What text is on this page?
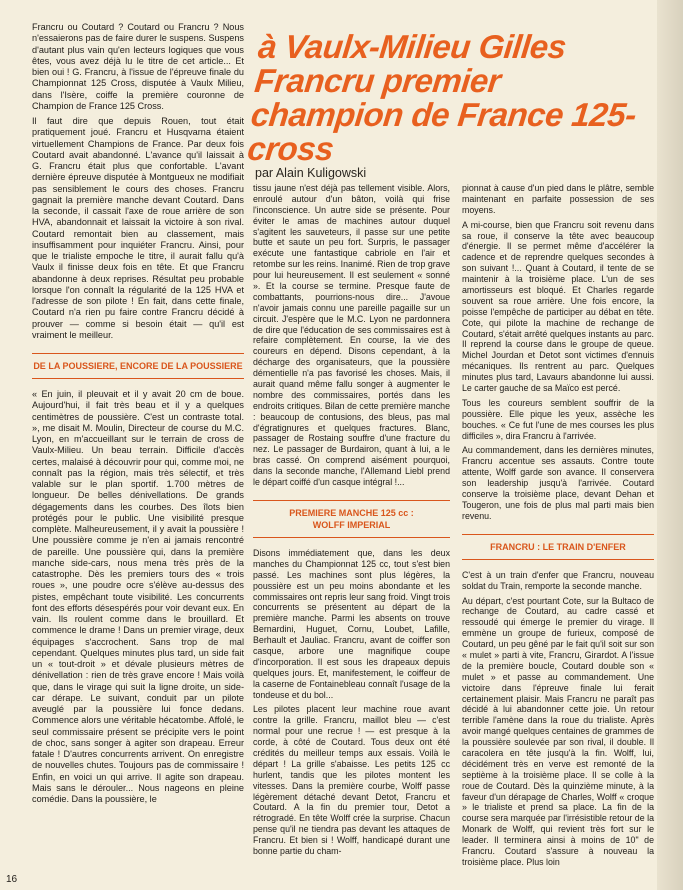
Francru ou Coutard ? Coutard ou Francru ? Nous n'essaierons pas de faire durer le suspens. Suspens d'autant plus vain qu'en lecteurs logiques que vous êtes, vous avez déjà lu le titre de cet article... Et bien oui ! G. Francru, à l'issue de l'épreuve finale du Championnat 125 Cross, disputée à Vaulx Milieu, dans l'Isère, coiffe la première couronne de Champion de France 125 Cross.

Il faut dire que depuis Rouen, tout était pratiquement joué. Francru et Husqvarna étaient virtuellement Champions de France. Par deux fois Coutard avait abandonné. L'avance qu'il laissait à G. Francru était plus que confortable. L'avant dernière épreuve disputée à Montgueux ne modifiait pas sensiblement le cours des choses. Francru gagnait la première manche devant Coutard. Dans la seconde, il cassait l'axe de roue arrière de son HVA, abandonnait et laissait la victoire à son rival. Coutard remontait bien au classement, mais insuffisamment pour inquiéter Francru. Ainsi, pour que le trialiste empoche le titre, il aurait fallu qu'à Vaulx il finisse deux fois en tête. Et que Francru abandonne à deux reprises. Résultat peu probable lorsque l'on connaît la régularité de la 125 HVA et l'adresse de son pilote ! En fait, dans cette finale, Coutard n'a rien pu faire contre Francru décidé à prouver — comme si besoin était — qu'il est vraiment le meilleur.

DE LA POUSSIERE, ENCORE DE LA POUSSIERE

« En juin, il pleuvait et il y avait 20 cm de boue. Aujourd'hui, il fait très beau et il y a quelques centimètres de poussière. C'est un contraste total. », me disait M. Moulin, Directeur de course du M.C. Lyon, en m'accueillant sur le terrain de cross de Vaulx-Milieu. Un beau terrain. Difficile d'accès certes, malaisé à découvrir pour qui, comme moi, ne connaît pas la région, mais très sélectif, et très valable sur le plan sportif. 1.700 mètres de longueur. De belles dénivellations. De grands dégagements dans les courbes. Des îlots bien protégés pour le public. Une visibilité presque complète. Malheureusement, il y avait la poussière ! Une poussière comme je n'en ai jamais rencontré de pareille. Une poussière qui, dans la première manche side-cars, nous mena très près de la catastrophe. Dès les premiers tours des « trois roues », une poudre ocre s'élève au-dessus des pistes, empêchant toute visibilité. Les concurrents font des efforts désespérés pour voir devant eux. En vain. Ils roulent comme dans le brouillard. Et commence le drame ! Dans un premier virage, deux équipages s'accrochent. Sans trop de mal cependant. Quelques minutes plus tard, un side fait un « tout-droit » et dévale plusieurs mètres de dénivellation : rien de très grave encore ! Mais voilà que, dans le virage qui suit la ligne droite, un side-car dérape. Le suivant, conduit par un pilote aveuglé par la poussière lui fonce dedans. Commence alors une véritable hécatombe. Affolé, le seul commissaire présent se précipite vers le point de choc, sans songer à agiter son drapeau. Erreur fatale ! D'autres concurrents arrivent. On enregistre de nouvelles chutes. Toujours pas de commissaire ! Enfin, en voici un qui arrive. Il agite son drapeau. Mais sans le dérouler... Nous nageons en pleine comédie. Dans la poussière, le

à Vaulx-Milieu Gilles Francru premier champion de France 125-cross

par Alain Kuligowski

tissu jaune n'est déjà pas tellement visible. Alors, enroulé autour d'un bâton, voilà qui frise l'inconscience. Un autre side se présente. Pour éviter le amas de machines autour duquel s'agitent les sauveteurs, il passe sur une petite butte et saute un peu fort. Surpris, le passager exécute une fantastique cabriole en l'air et retombe sur les reins. Inanimé. Rien de trop grave pour lui heureusement. Il est seulement « sonné ». Et la course se termine. Presque faute de combattants, pourrions-nous dire... J'avoue n'avoir jamais connu une pareille pagaille sur un circuit. J'espère que le M.C. Lyon ne pardonnera de dire que l'éducation de ses commissaires est à refaire complètement. En course, la vie des coureurs en dépend. Disons cependant, à la décharge des organisateurs, que la poussière démentielle n'a pas favorisé les choses. Mais, il aurait quand même fallu songer à augmenter le nombre des commissaires, portés dans les endroits critiques. Bilan de cette première manche : beaucoup de contusions, des bleus, pas mal d'égratignures et quelques fractures. Blanc, passager de Rostaing souffre d'une fracture du nez. Le passager de Burdairon, quant à lui, a le bras cassé. On comprend aisément pourquoi, dans la seconde manche, l'Allemand Liebl prend le départ coiffé d'un casque intégral !...

PREMIERE MANCHE 125 cc :
WOLFF IMPERIAL

Disons immédiatement que, dans les deux manches du Championnat 125 cc, tout s'est bien passé. Les machines sont plus légères, la poussière est un peu moins abondante et les commissaires ont repris leur sang froid. Vingt trois concurrents se présentent au départ de la première manche. Parmi les absents on trouve Bernardini, Huguet, Cornu, Loubet, Lafille, Berhault et Jauliac. Francru, avant de coiffer son casque, arbore une magnifique coupe d'incorporation. Il est sous les drapeaux depuis quelques jours. Et, manifestement, le coiffeur de la caserne de Fontainebleau connaît l'usage de la tondeuse et du bol...

Les pilotes placent leur machine roue avant contre la grille. Francru, maillot bleu — c'est normal pour une recrue ! — est presque à la corde, à côté de Coutard. Tous deux ont été crédités du meilleur temps aux essais. Voilà le départ ! La grille s'abaisse. Les petits 125 cc hurlent, tandis que les pilotes montent les vitesses. Dans la première courbe, Wolff passe légèrement détaché devant Detot, Francru et Coutard. A la fin du premier tour, Detot a rétrogradé. En tête Wolff crée la surprise. Chacun pense qu'il ne tiendra pas devant les attaques de Francru. Et bien si ! Wolff, handicapé durant une bonne partie du cham-

pionnat à cause d'un pied dans le plâtre, semble maintenant en parfaite possession de ses moyens.

A mi-course, bien que Francru soit revenu dans sa roue, il conserve la tête avec beaucoup d'énergie. Il se permet même d'accélérer la cadence et de reprendre quelques secondes à son suivant !... Quant à Coutard, il tente de se maintenir à la troisième place. L'un de ses amortisseurs est bloqué. Et Charles regarde souvent sa roue arrière. Une fois encore, la poisse l'empêche de participer au débat en tête. Cote, qui pilote la machine de rechange de Coutard, s'était arrêté quelques instants au parc. Il reprend la course dans le groupe de queue. Michel Jourdan et Detot sont victimes d'ennuis mécaniques. Ils rentrent au parc. Quelques minutes plus tard, Lavaurs abandonne lui aussi. Le carter gauche de sa Maïco est percé.

Tous les coureurs semblent souffrir de la poussière. Elle pique les yeux, assèche les bouches. « Ce fut l'une de mes courses les plus difficiles », dira Francru à l'arrivée.

Au commandement, dans les dernières minutes, Francru accentue ses assauts. Contre toute attente, Wolff garde son avance. Il conservera son leadership jusqu'à l'arrivée. Coutard conserve la troisième place, devant Dehan et Tougeron, une fois de plus mal parti mais bien revenu.

FRANCRU : LE TRAIN D'ENFER

C'est à un train d'enfer que Francru, nouveau soldat du Train, remporte la seconde manche.

Au départ, c'est pourtant Cote, sur la Bultaco de rechange de Coutard, au cadre cassé et ressoudé qui émerge le premier du virage. Il emmène un groupe de furieux, composé de Coutard, un peu gêné par le fait qu'il soit sur son « mulet » parti à vite, Francru, Girardot. A l'issue de la première boucle, Coutard double son « mulet » et passe au commandement. Une victoire dans l'épreuve finale lui ferait certainement plaisir. Mais Francru ne paraît pas décidé à lui abandonner cette joie. Un retour terrible l'amène dans la roue du trialiste. Après avoir mangé quelques centaines de grammes de la poussière soulevée par son rival, il double. Il caracolera en tête jusqu'à la fin. Wolff, lui, décidément très en verve est remonté de la septième à la troisième place. Il se colle à la roue de Coutard. Dès la quinzième minute, à la faveur d'un dérapage de Charles, Wolff « croque » le trialiste et prend sa place. La fin de la course sera marquée par l'irrésistible retour de la Monark de Wolff, qui revient très fort sur le leader. Il terminera ainsi à moins de 10" de Francru. Coutard s'assure à nouveau la troisième place. Plus loin

16
